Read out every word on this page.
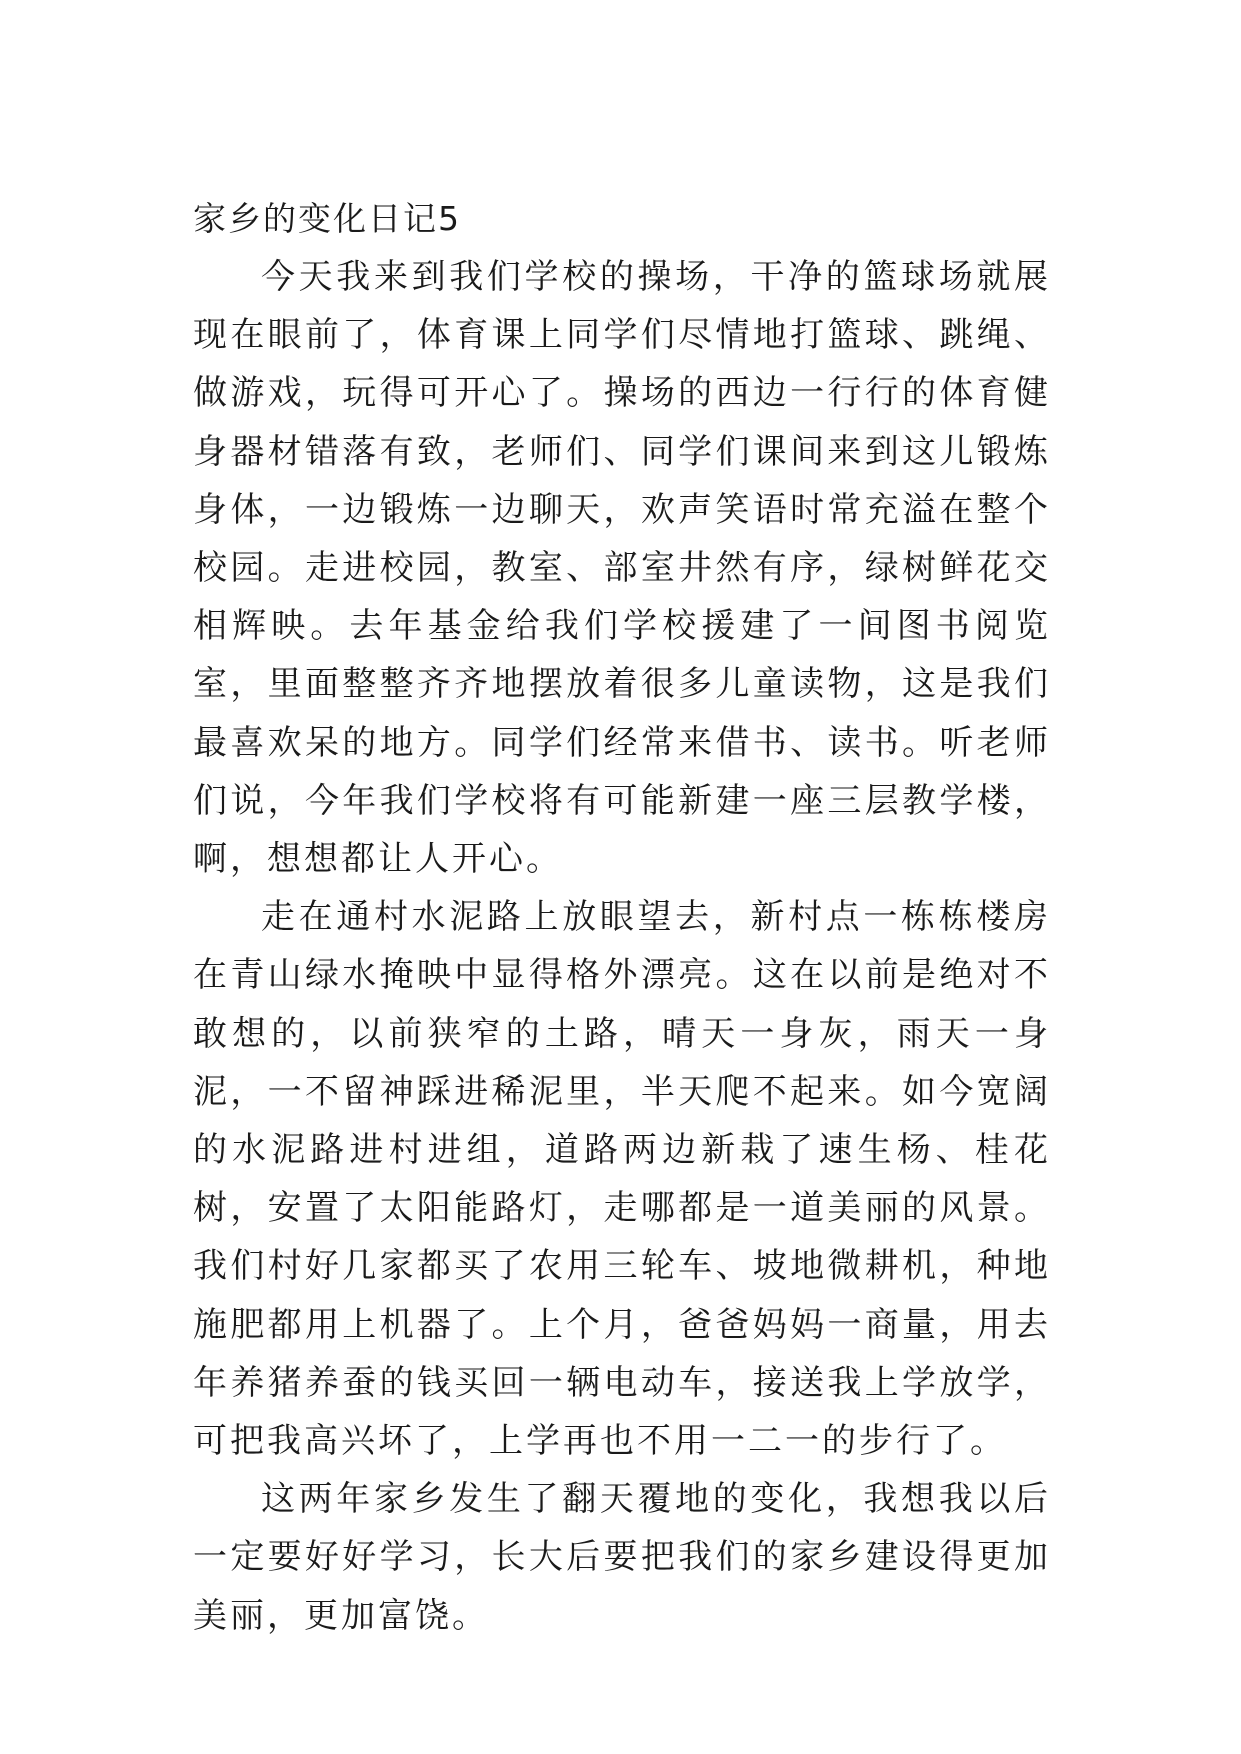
家乡的变化日记5

今天我来到我们学校的操场，干净的篮球场就展现在眼前了，体育课上同学们尽情地打篮球、跳绳、做游戏，玩得可开心了。操场的西边一行行的体育健身器材错落有致，老师们、同学们课间来到这儿锻炼身体，一边锻炼一边聊天，欢声笑语时常充溢在整个校园。走进校园，教室、部室井然有序，绿树鲜花交相辉映。去年基金给我们学校援建了一间图书阅览室，里面整整齐齐地摆放着很多儿童读物，这是我们最喜欢呆的地方。同学们经常来借书、读书。听老师们说，今年我们学校将有可能新建一座三层教学楼，啊，想想都让人开心。

走在通村水泥路上放眼望去，新村点一栋栋楼房在青山绿水掩映中显得格外漂亮。这在以前是绝对不敢想的，以前狭窄的土路，晴天一身灰，雨天一身泥，一不留神踩进稀泥里，半天爬不起来。如今宽阔的水泥路进村进组，道路两边新栽了速生杨、桂花树，安置了太阳能路灯，走哪都是一道美丽的风景。我们村好几家都买了农用三轮车、坡地微耕机，种地施肥都用上机器了。上个月，爸爸妈妈一商量，用去年养猪养蚕的钱买回一辆电动车，接送我上学放学，可把我高兴坏了，上学再也不用一二一的步行了。

这两年家乡发生了翻天覆地的变化，我想我以后一定要好好学习，长大后要把我们的家乡建设得更加美丽，更加富饶。
